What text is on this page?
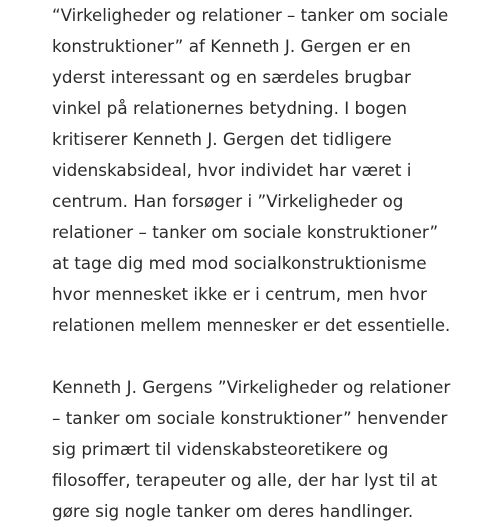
“Virkeligheder og relationer – tanker om sociale
konstruktioner” af Kenneth J. Gergen er en
yderst interessant og en særdeles brugbar
vinkel på relationernes betydning. I bogen
kritiserer Kenneth J. Gergen det tidligere
videnskabsideal, hvor individet har været i
centrum. Han forsøger i ”Virkeligheder og
relationer – tanker om sociale konstruktioner”
at tage dig med mod socialkonstruktionisme
hvor mennesket ikke er i centrum, men hvor
relationen mellem mennesker er det essentielle.

Kenneth J. Gergens ”Virkeligheder og relationer
– tanker om sociale konstruktioner” henvender
sig primært til videnskabsteoretikere og
filosoffer, terapeuter og alle, der har lyst til at
gøre sig nogle tanker om deres handlinger.
